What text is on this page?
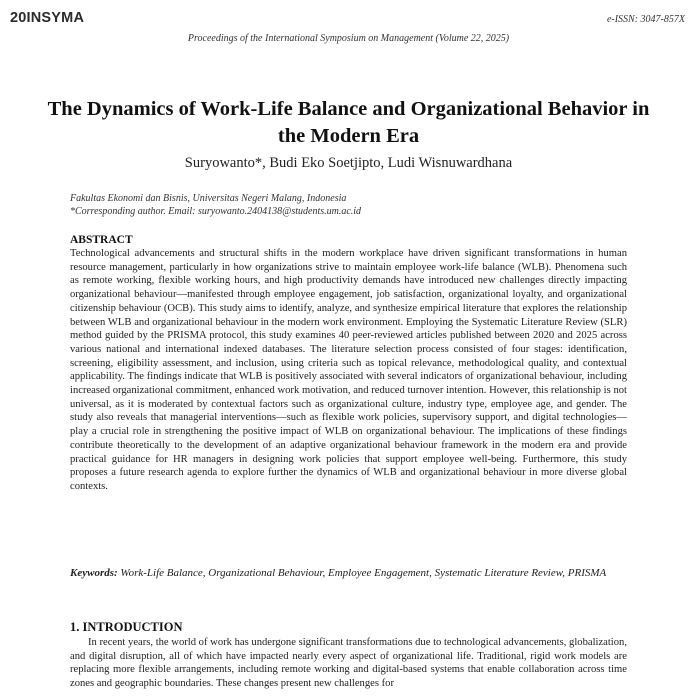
20INSYMA	e-ISSN: 3047-857X
Proceedings of the International Symposium on Management (Volume 22, 2025)
The Dynamics of Work-Life Balance and Organizational Behavior in the Modern Era
Suryowanto*, Budi Eko Soetjipto, Ludi Wisnuwardhana
Fakultas Ekonomi dan Bisnis, Universitas Negeri Malang, Indonesia
*Corresponding author. Email: suryowanto.2404138@students.um.ac.id
ABSTRACT
Technological advancements and structural shifts in the modern workplace have driven significant transformations in human resource management, particularly in how organizations strive to maintain employee work-life balance (WLB). Phenomena such as remote working, flexible working hours, and high productivity demands have introduced new challenges directly impacting organizational behaviour—manifested through employee engagement, job satisfaction, organizational loyalty, and organizational citizenship behaviour (OCB). This study aims to identify, analyze, and synthesize empirical literature that explores the relationship between WLB and organizational behaviour in the modern work environment. Employing the Systematic Literature Review (SLR) method guided by the PRISMA protocol, this study examines 40 peer-reviewed articles published between 2020 and 2025 across various national and international indexed databases. The literature selection process consisted of four stages: identification, screening, eligibility assessment, and inclusion, using criteria such as topical relevance, methodological quality, and contextual applicability. The findings indicate that WLB is positively associated with several indicators of organizational behaviour, including increased organizational commitment, enhanced work motivation, and reduced turnover intention. However, this relationship is not universal, as it is moderated by contextual factors such as organizational culture, industry type, employee age, and gender. The study also reveals that managerial interventions—such as flexible work policies, supervisory support, and digital technologies—play a crucial role in strengthening the positive impact of WLB on organizational behaviour. The implications of these findings contribute theoretically to the development of an adaptive organizational behaviour framework in the modern era and provide practical guidance for HR managers in designing work policies that support employee well-being. Furthermore, this study proposes a future research agenda to explore further the dynamics of WLB and organizational behaviour in more diverse global contexts.
Keywords: Work-Life Balance, Organizational Behaviour, Employee Engagement, Systematic Literature Review, PRISMA
1. INTRODUCTION
In recent years, the world of work has undergone significant transformations due to technological advancements, globalization, and digital disruption, all of which have impacted nearly every aspect of organizational life. Traditional, rigid work models are replacing more flexible arrangements, including remote working and digital-based systems that enable collaboration across time zones and geographic boundaries. These changes present new challenges for
